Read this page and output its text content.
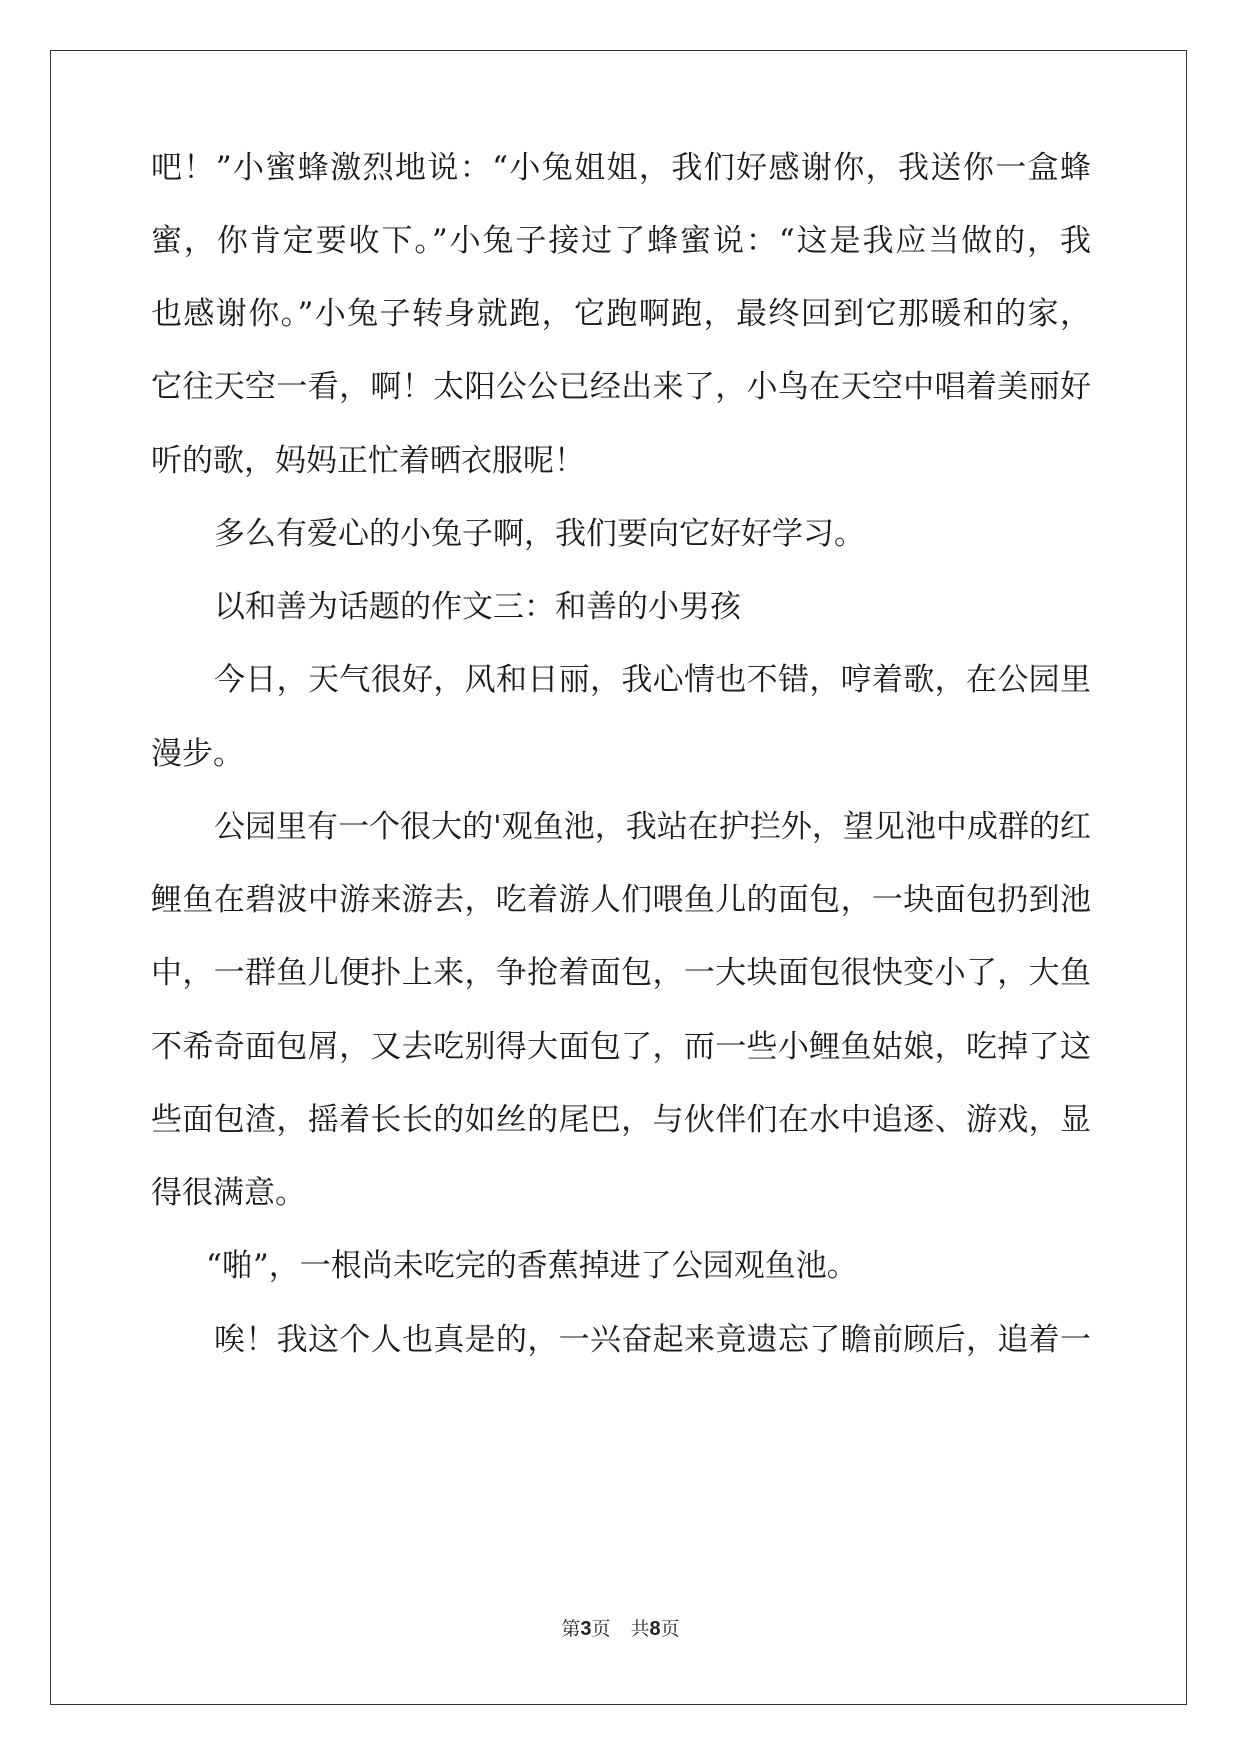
吧！”小蜜蜂激烈地说：“小兔姐姐，我们好感谢你，我送你一盒蜂
蜜，你肯定要收下。”小兔子接过了蜂蜜说：“这是我应当做的，我
也感谢你。”小兔子转身就跑，它跑啊跑，最终回到它那暖和的家，
它往天空一看，啊！太阳公公已经出来了，小鸟在天空中唱着美丽好
听的歌，妈妈正忙着晒衣服呢！
多么有爱心的小兔子啊，我们要向它好好学习。
以和善为话题的作文三：和善的小男孩
今日，天气很好，风和日丽，我心情也不错，哼着歌，在公园里
漫步。
公园里有一个很大的'观鱼池，我站在护拦外，望见池中成群的红
鲤鱼在碧波中游来游去，吃着游人们喂鱼儿的面包，一块面包扔到池
中，一群鱼儿便扑上来，争抢着面包，一大块面包很快变小了，大鱼
不希奇面包屑，又去吃别得大面包了，而一些小鲤鱼姑娘，吃掉了这
些面包渣，摇着长长的如丝的尾巴，与伙伴们在水中追逐、游戏，显
得很满意。
“啪”，一根尚未吃完的香蕉掉进了公园观鱼池。
唉！我这个人也真是的，一兴奋起来竟遗忘了瞻前顾后，追着一
第3页 共8页
